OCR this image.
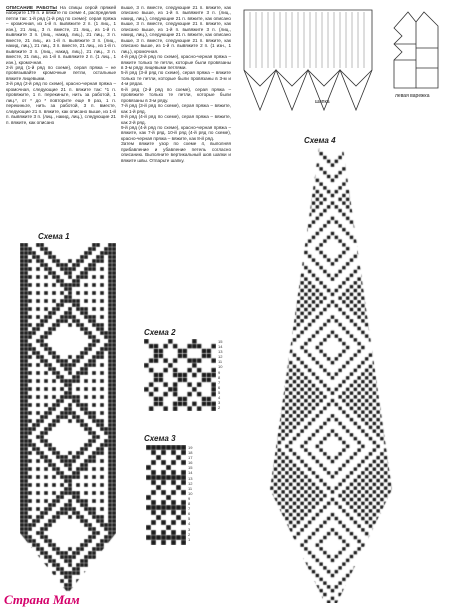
ОПИСАНИЕ РАБОТЫ На спицы серой пряжей наберите 179 п. и вяжите по схеме 4, распределив петли так: 1-й ряд (1-й ряд по схеме): серая пряжа – кромочная, из 1-й п. вывяжите 2 п. (1 лиц., 1 изн.), 21 лиц., 3 п. вместе, 21 лиц., из 1-й п. вывяжите 3 п. (лиц., накид, лиц.), 21 лиц., 3 п. вместе, 21 лиц., из 1-й п. вывяжите 3 п. (лиц., накид, лиц.), 21 лиц., 3 п. вместе, 21 лиц., из 1-й п. вывяжите 3 п. (лиц., накид, лиц.), 21 лиц., 3 п. вместе, 21 лиц., из 1-й п. вывяжите 2 п. (1 лиц., 1 изн.), кромочная.

2-й ряд (1-й ряд по схеме), серая пряжа – не провязывайте кромочные петли, остальные вяжите лицевыми.

3-й ряд (2-й ряд по схеме), красно-черная пряжа – кромочная, следующие 21 п. вяжите так: *1 п. провяжите, 1 п. перекиньте, нить за работой, 1 лиц.*, от * до * повторите еще 9 раз, 1 п. перекиньте, нить за работой, 3 п. вместе, следующие 21 п. вяжите, как описано выше, из 1-й п. вывяжите 3 п. (лиц., накид, лиц.), следующие 21 п. вяжите, как описано

выше, 3 п. вместе, следующие 21 п. вяжите, как описано выше, из 1-й п. вывяжите 3 п. (лиц., накид, лиц.), следующие 21 п. вяжите, как описано выше, 3 п. вместе, следующие 21 п. вяжите, как описано выше, из 1-й п. вывяжите 3 п. (лиц., накид, лиц.), следующие 21 п. вяжите, как описано выше, 3 п. вместе, следующие 21 п. вяжите, как описано выше, из 1-й п. вывяжите 2 п. (1 изн., 1 лиц.), кромочная.

4-й ряд (2-й ряд по схеме), красно-черная пряжа – вяжите только те петли, которые были провязаны в 3-м ряду лицевыми петлями.

5-й ряд (3-й ряд по схеме), серая пряжа – вяжите только те петли, которые были провязаны в 3-м и 4-м рядах.

6-й ряд (2-й ряд по схеме), серая пряжа – провяжите только те петли, которые были провязаны в 3-м ряду.

7-й ряд (3-й ряд по схеме), серая пряжа – вяжите, как 1-й ряд.

8-й ряд (4-й ряд по схеме), серая пряжа – вяжите, как 2-й ряд.

9-й ряд (4-й ряд по схеме), красно-черная пряжа – вяжите, как 7-й ряд. 10-й ряд (4-й ряд по схеме), красно-черная пряжа – вяжите, как 8-й ряд.

Затем вяжите узор по схеме 4, выполняя прибавление и убавление петель согласно описанию. Выполните вертикальный шов шапки и вяжите швы. Отпарьте шапку.

шапка
левая варежка
Схема 1
Схема 2
Схема 3
Схема 4
15
14
13
12
11
10
9
8
7
6
5
4
3
2
19
18
17
16
15
14
13
12
11
10
9
8
7
6
5
4
3
2
1
Страна Мам
